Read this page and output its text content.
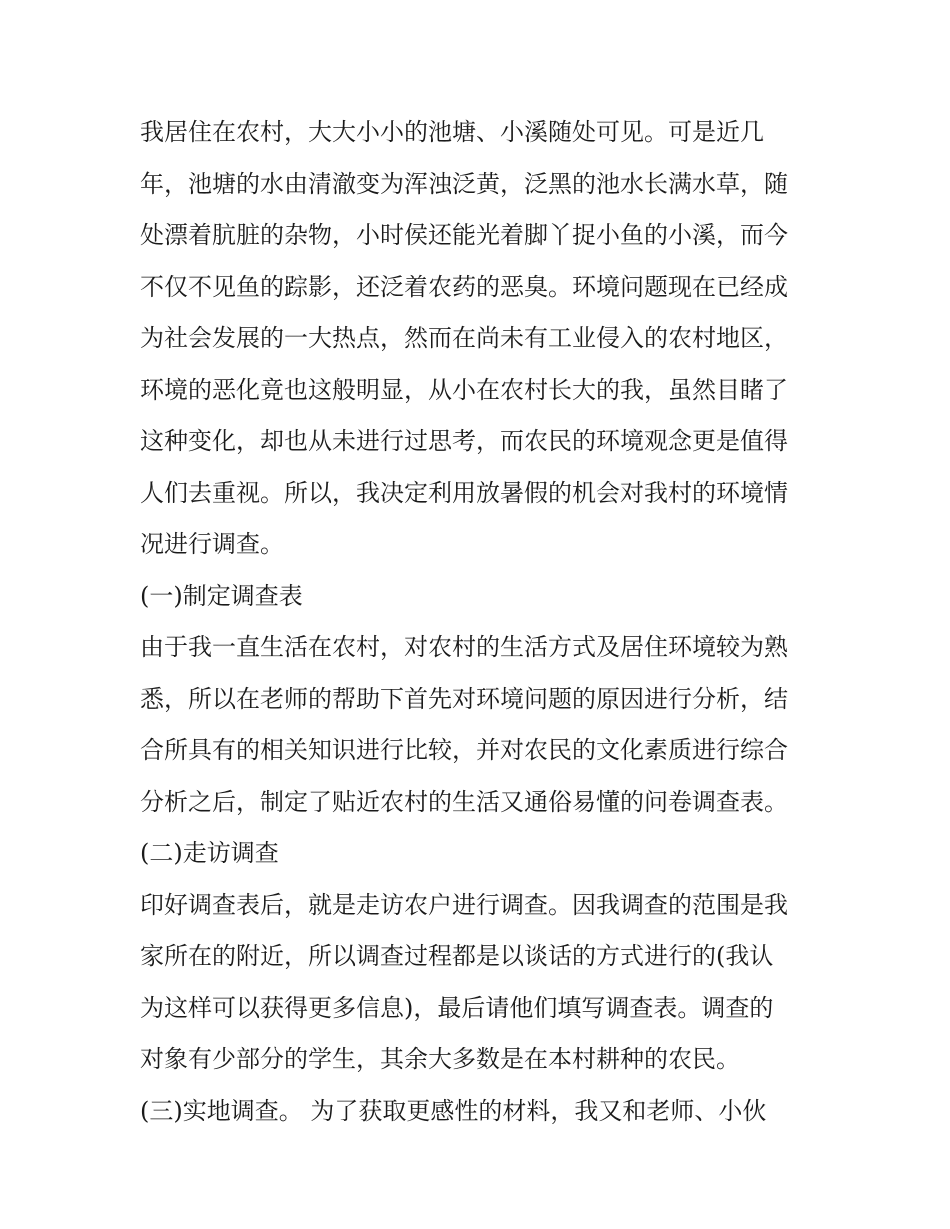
我居住在农村，大大小小的池塘、小溪随处可见。可是近几
年，池塘的水由清澈变为浑浊泛黄，泛黑的池水长满水草，随
处漂着肮脏的杂物，小时侯还能光着脚丫捉小鱼的小溪，而今
不仅不见鱼的踪影，还泛着农药的恶臭。环境问题现在已经成
为社会发展的一大热点，然而在尚未有工业侵入的农村地区，
环境的恶化竟也这般明显，从小在农村长大的我，虽然目睹了
这种变化，却也从未进行过思考，而农民的环境观念更是值得
人们去重视。所以，我决定利用放暑假的机会对我村的环境情
况进行调查。
(一)制定调查表
由于我一直生活在农村，对农村的生活方式及居住环境较为熟
悉，所以在老师的帮助下首先对环境问题的原因进行分析，结
合所具有的相关知识进行比较，并对农民的文化素质进行综合
分析之后，制定了贴近农村的生活又通俗易懂的问卷调查表。
(二)走访调查
印好调查表后，就是走访农户进行调查。因我调查的范围是我
家所在的附近，所以调查过程都是以谈话的方式进行的(我认
为这样可以获得更多信息)，最后请他们填写调查表。调查的
对象有少部分的学生，其余大多数是在本村耕种的农民。
(三)实地调查。 为了获取更感性的材料，我又和老师、小伙
